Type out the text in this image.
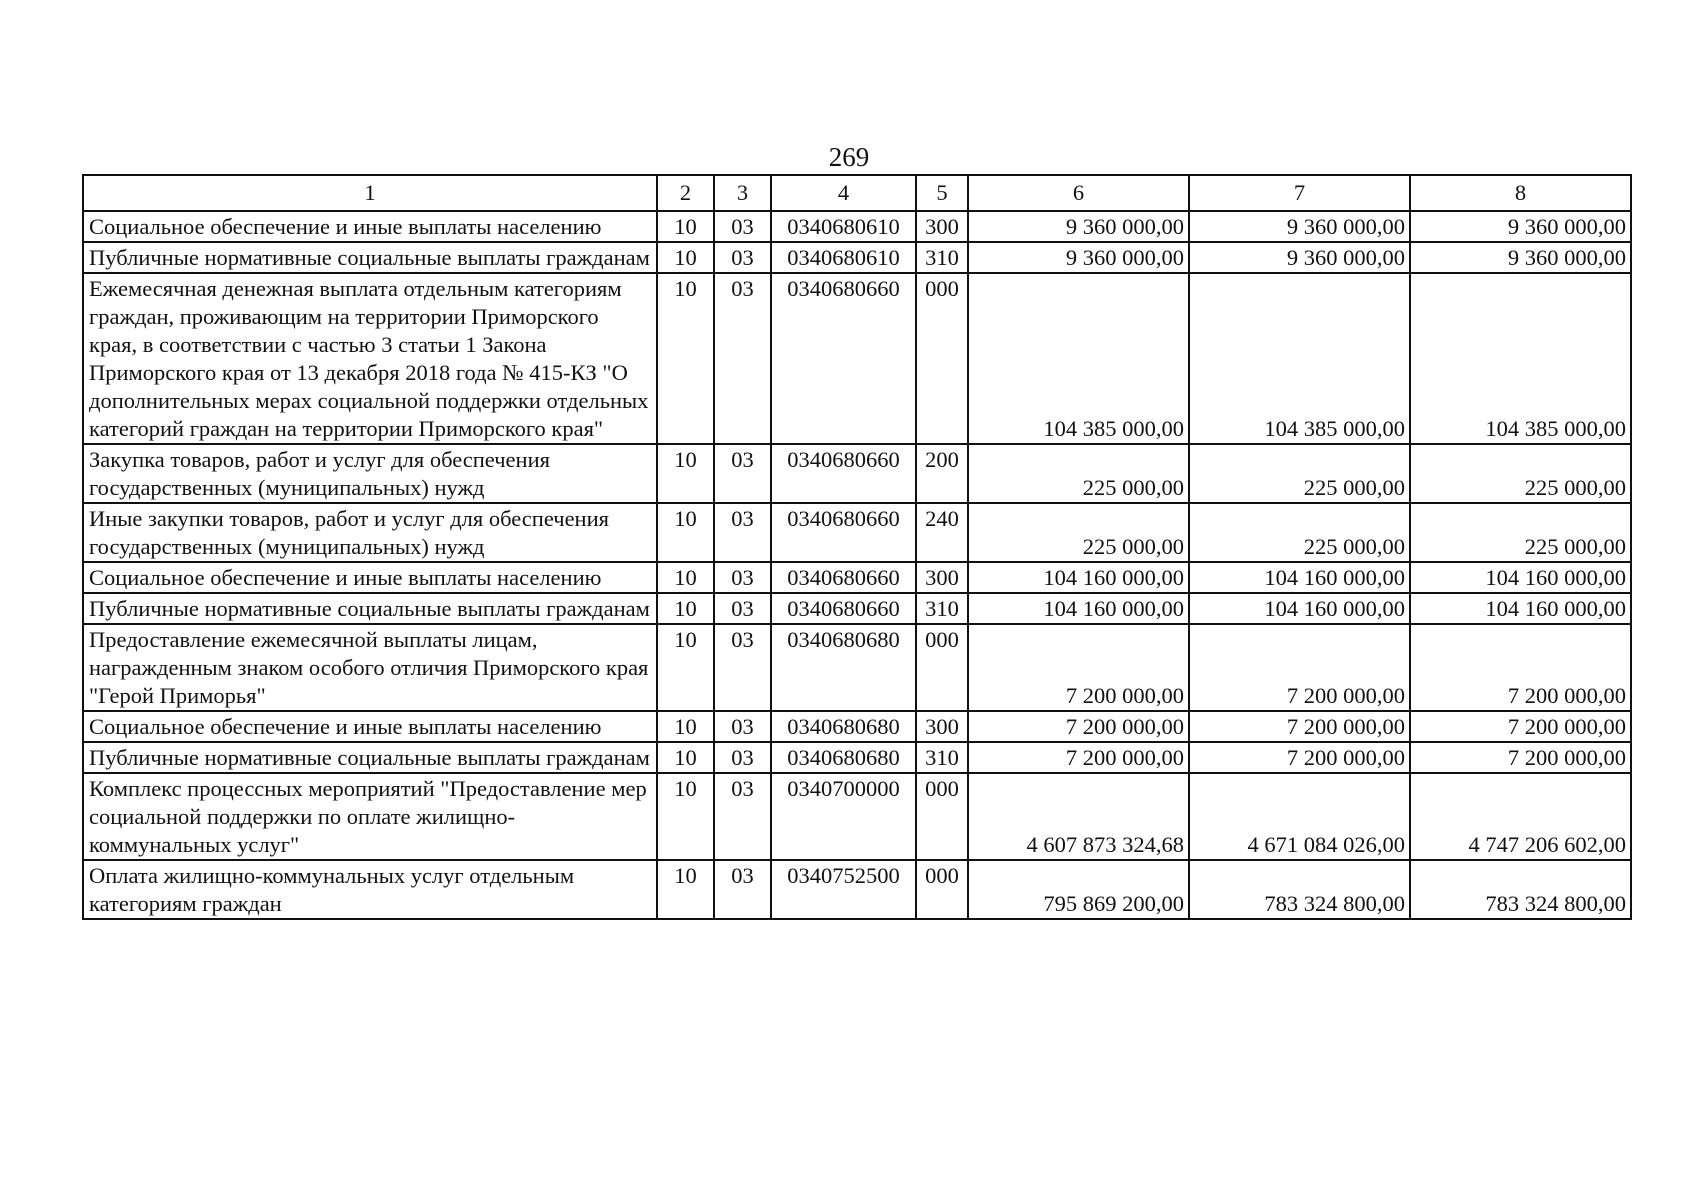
269
1	2	3	4	5	6	7	8
Социальное обеспечение и иные выплаты населению	10	03	0340680610	300	9 360 000,00	9 360 000,00	9 360 000,00
Публичные нормативные социальные выплаты гражданам	10	03	0340680610	310	9 360 000,00	9 360 000,00	9 360 000,00
Ежемесячная денежная выплата отдельным категориям граждан, проживающим на территории Приморского края, в соответствии с частью 3 статьи 1 Закона Приморского края от 13 декабря 2018 года № 415-КЗ "О дополнительных мерах социальной поддержки отдельных категорий граждан на территории Приморского края"	10	03	0340680660	000	104 385 000,00	104 385 000,00	104 385 000,00
Закупка товаров, работ и услуг для обеспечения государственных (муниципальных) нужд	10	03	0340680660	200	225 000,00	225 000,00	225 000,00
Иные закупки товаров, работ и услуг для обеспечения государственных (муниципальных) нужд	10	03	0340680660	240	225 000,00	225 000,00	225 000,00
Социальное обеспечение и иные выплаты населению	10	03	0340680660	300	104 160 000,00	104 160 000,00	104 160 000,00
Публичные нормативные социальные выплаты гражданам	10	03	0340680660	310	104 160 000,00	104 160 000,00	104 160 000,00
Предоставление ежемесячной выплаты лицам, награжденным знаком особого отличия Приморского края "Герой Приморья"	10	03	0340680680	000	7 200 000,00	7 200 000,00	7 200 000,00
Социальное обеспечение и иные выплаты населению	10	03	0340680680	300	7 200 000,00	7 200 000,00	7 200 000,00
Публичные нормативные социальные выплаты гражданам	10	03	0340680680	310	7 200 000,00	7 200 000,00	7 200 000,00
Комплекс процессных мероприятий "Предоставление мер социальной поддержки по оплате жилищно-коммунальных услуг"	10	03	0340700000	000	4 607 873 324,68	4 671 084 026,00	4 747 206 602,00
Оплата жилищно-коммунальных услуг отдельным категориям граждан	10	03	0340752500	000	795 869 200,00	783 324 800,00	783 324 800,00
